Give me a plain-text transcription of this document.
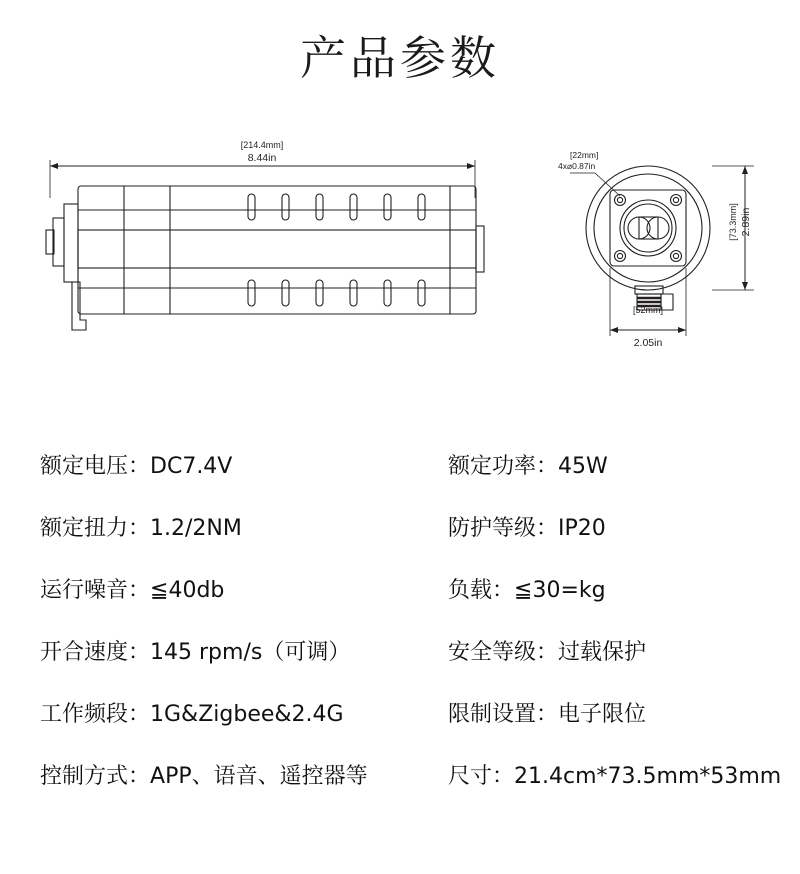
产品参数
[214.4mm]
8.44in	[22mm]
4x⌀0.87in
[73.3mm] 2.89in
[52mm]
2.05in
额定电压： DC7.4V	额定功率： 45W
额定扭力： 1.2/2NM	防护等级： IP20
运行噪音： ≦40db	负载： ≦30=kg
开合速度： 145 rpm/s（可调）	安全等级： 过载保护
工作频段： 1G&Zigbee&2.4G	限制设置： 电子限位
控制方式： APP、语音、遥控器等	尺寸： 21.4cm*73.5mm*53mm
